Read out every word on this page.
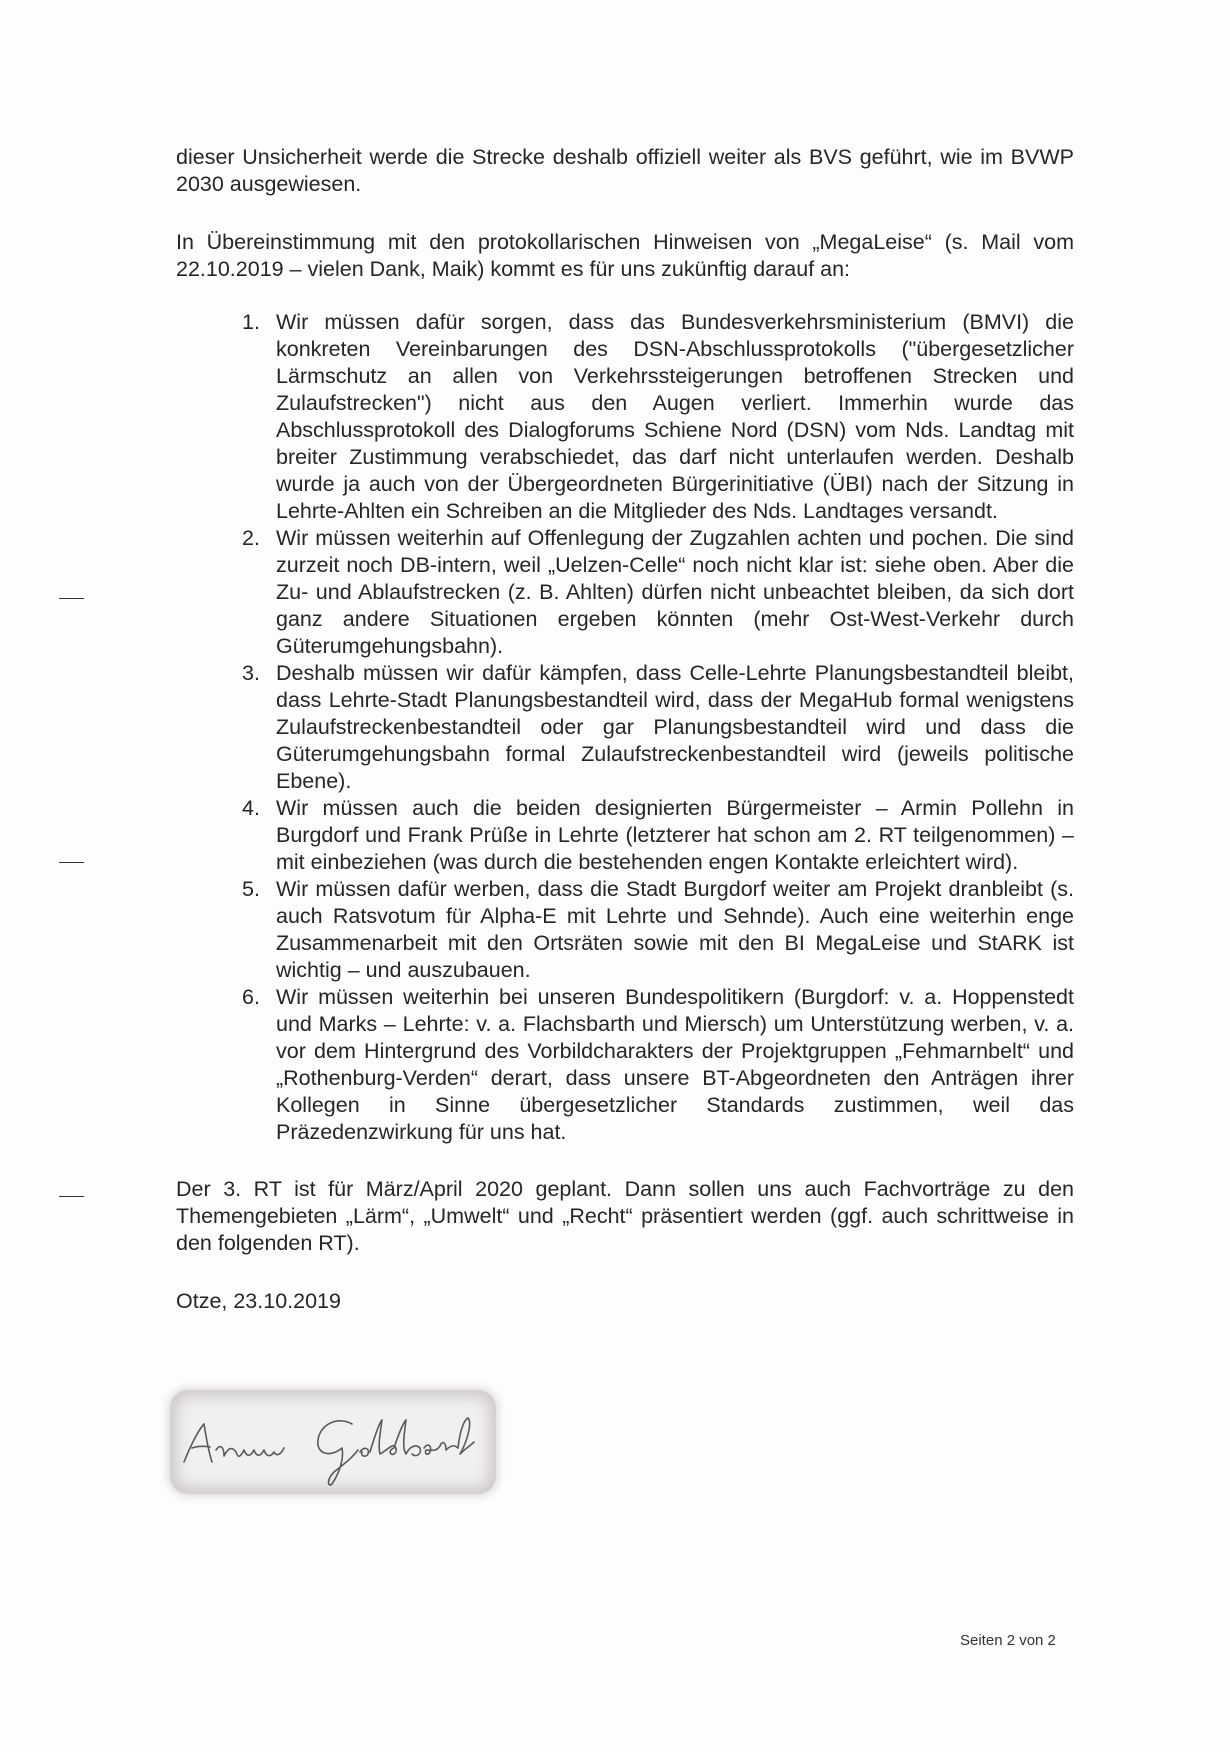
dieser Unsicherheit werde die Strecke deshalb offiziell weiter als BVS geführt, wie im BVWP 2030 ausgewiesen.

In Übereinstimmung mit den protokollarischen Hinweisen von „MegaLeise“ (s. Mail vom 22.10.2019 – vielen Dank, Maik) kommt es für uns zukünftig darauf an:

1. Wir müssen dafür sorgen, dass das Bundesverkehrsministerium (BMVI) die konkreten Vereinbarungen des DSN-Abschlussprotokolls ("übergesetzlicher Lärmschutz an allen von Verkehrssteigerungen betroffenen Strecken und Zulaufstrecken") nicht aus den Augen verliert. Immerhin wurde das Abschlussprotokoll des Dialogforums Schiene Nord (DSN) vom Nds. Landtag mit breiter Zustimmung verabschiedet, das darf nicht unterlaufen werden. Deshalb wurde ja auch von der Übergeordneten Bürgerinitiative (ÜBI) nach der Sitzung in Lehrte-Ahlten ein Schreiben an die Mitglieder des Nds. Landtages versandt.
2. Wir müssen weiterhin auf Offenlegung der Zugzahlen achten und pochen. Die sind zurzeit noch DB-intern, weil „Uelzen-Celle“ noch nicht klar ist: siehe oben. Aber die Zu- und Ablaufstrecken (z. B. Ahlten) dürfen nicht unbeachtet bleiben, da sich dort ganz andere Situationen ergeben könnten (mehr Ost-West-Verkehr durch Güterumgehungsbahn).
3. Deshalb müssen wir dafür kämpfen, dass Celle-Lehrte Planungsbestandteil bleibt, dass Lehrte-Stadt Planungsbestandteil wird, dass der MegaHub formal wenigstens Zulaufstreckenbestandteil oder gar Planungsbestandteil wird und dass die Güterumgehungsbahn formal Zulaufstreckenbestandteil wird (jeweils politische Ebene).
4. Wir müssen auch die beiden designierten Bürgermeister – Armin Pollehn in Burgdorf und Frank Prüße in Lehrte (letzterer hat schon am 2. RT teilgenommen) – mit einbeziehen (was durch die bestehenden engen Kontakte erleichtert wird).
5. Wir müssen dafür werben, dass die Stadt Burgdorf weiter am Projekt dranbleibt (s. auch Ratsvotum für Alpha-E mit Lehrte und Sehnde). Auch eine weiterhin enge Zusammenarbeit mit den Ortsräten sowie mit den BI MegaLeise und StARK ist wichtig – und auszubauen.
6. Wir müssen weiterhin bei unseren Bundespolitikern (Burgdorf: v. a. Hoppenstedt und Marks – Lehrte: v. a. Flachsbarth und Miersch) um Unterstützung werben, v. a. vor dem Hintergrund des Vorbildcharakters der Projektgruppen „Fehmarnbelt“ und „Rothenburg-Verden“ derart, dass unsere BT-Abgeordneten den Anträgen ihrer Kollegen in Sinne übergesetzlicher Standards zustimmen, weil das Präzedenzwirkung für uns hat.

Der 3. RT ist für März/April 2020 geplant. Dann sollen uns auch Fachvorträge zu den Themengebieten „Lärm“, „Umwelt“ und „Recht“ präsentiert werden (ggf. auch schrittweise in den folgenden RT).

Otze, 23.10.2019

Seiten 2 von 2
